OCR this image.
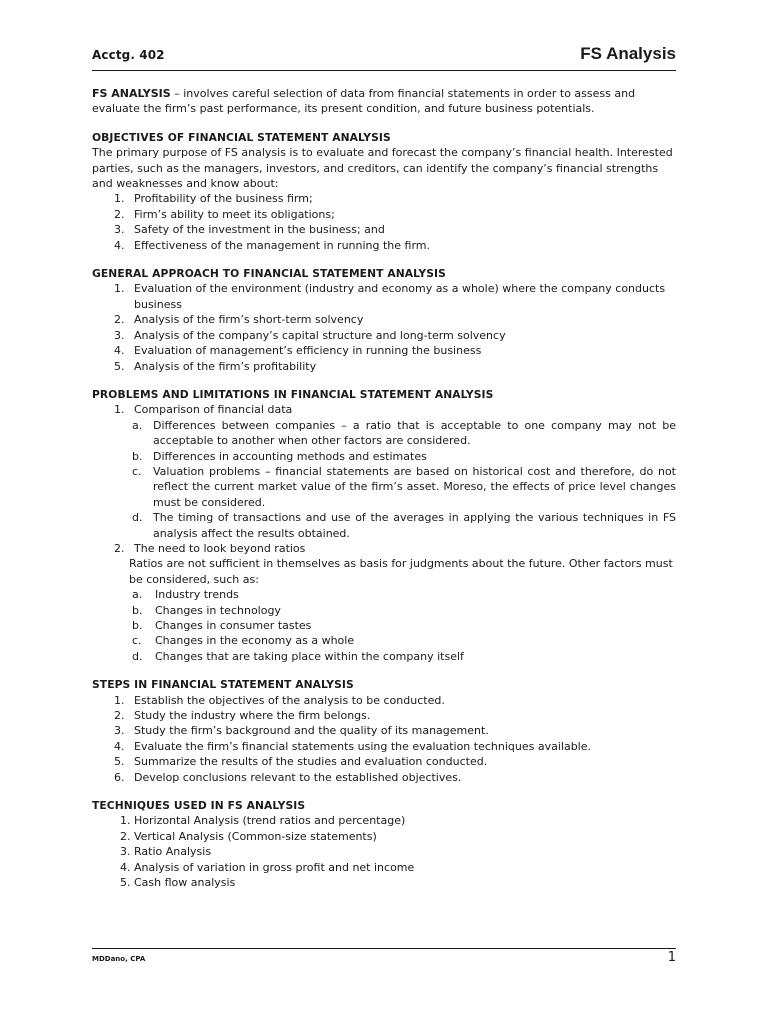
Acctg. 402	FS Analysis

FS ANALYSIS – involves careful selection of data from financial statements in order to assess and evaluate the firm’s past performance, its present condition, and future business potentials.

OBJECTIVES OF FINANCIAL STATEMENT ANALYSIS

The primary purpose of FS analysis is to evaluate and forecast the company’s financial health. Interested parties, such as the managers, investors, and creditors, can identify the company’s financial strengths and weaknesses and know about:

1. Profitability of the business firm;
2. Firm’s ability to meet its obligations;
3. Safety of the investment in the business; and
4. Effectiveness of the management in running the firm.

GENERAL APPROACH TO FINANCIAL STATEMENT ANALYSIS

1. Evaluation of the environment (industry and economy as a whole) where the company conducts business
2. Analysis of the firm’s short-term solvency
3. Analysis of the company’s capital structure and long-term solvency
4. Evaluation of management’s efficiency in running the business
5. Analysis of the firm’s profitability

PROBLEMS AND LIMITATIONS IN FINANCIAL STATEMENT ANALYSIS

1. Comparison of financial data
a. Differences between companies – a ratio that is acceptable to one company may not be acceptable to another when other factors are considered.
b. Differences in accounting methods and estimates
c. Valuation problems – financial statements are based on historical cost and therefore, do not reflect the current market value of the firm’s asset. Moreso, the effects of price level changes must be considered.
d. The timing of transactions and use of the averages in applying the various techniques in FS analysis affect the results obtained.
2. The need to look beyond ratios

Ratios are not sufficient in themselves as basis for judgments about the future. Other factors must be considered, such as:

a. Industry trends
b. Changes in technology
b. Changes in consumer tastes
c. Changes in the economy as a whole
d. Changes that are taking place within the company itself

STEPS IN FINANCIAL STATEMENT ANALYSIS

1. Establish the objectives of the analysis to be conducted.
2. Study the industry where the firm belongs.
3. Study the firm’s background and the quality of its management.
4. Evaluate the firm’s financial statements using the evaluation techniques available.
5. Summarize the results of the studies and evaluation conducted.
6. Develop conclusions relevant to the established objectives.

TECHNIQUES USED IN FS ANALYSIS

1. Horizontal Analysis (trend ratios and percentage)

2. Vertical Analysis (Common-size statements)

3. Ratio Analysis

4. Analysis of variation in gross profit and net income

5. Cash flow analysis

MDDano, CPA	1
